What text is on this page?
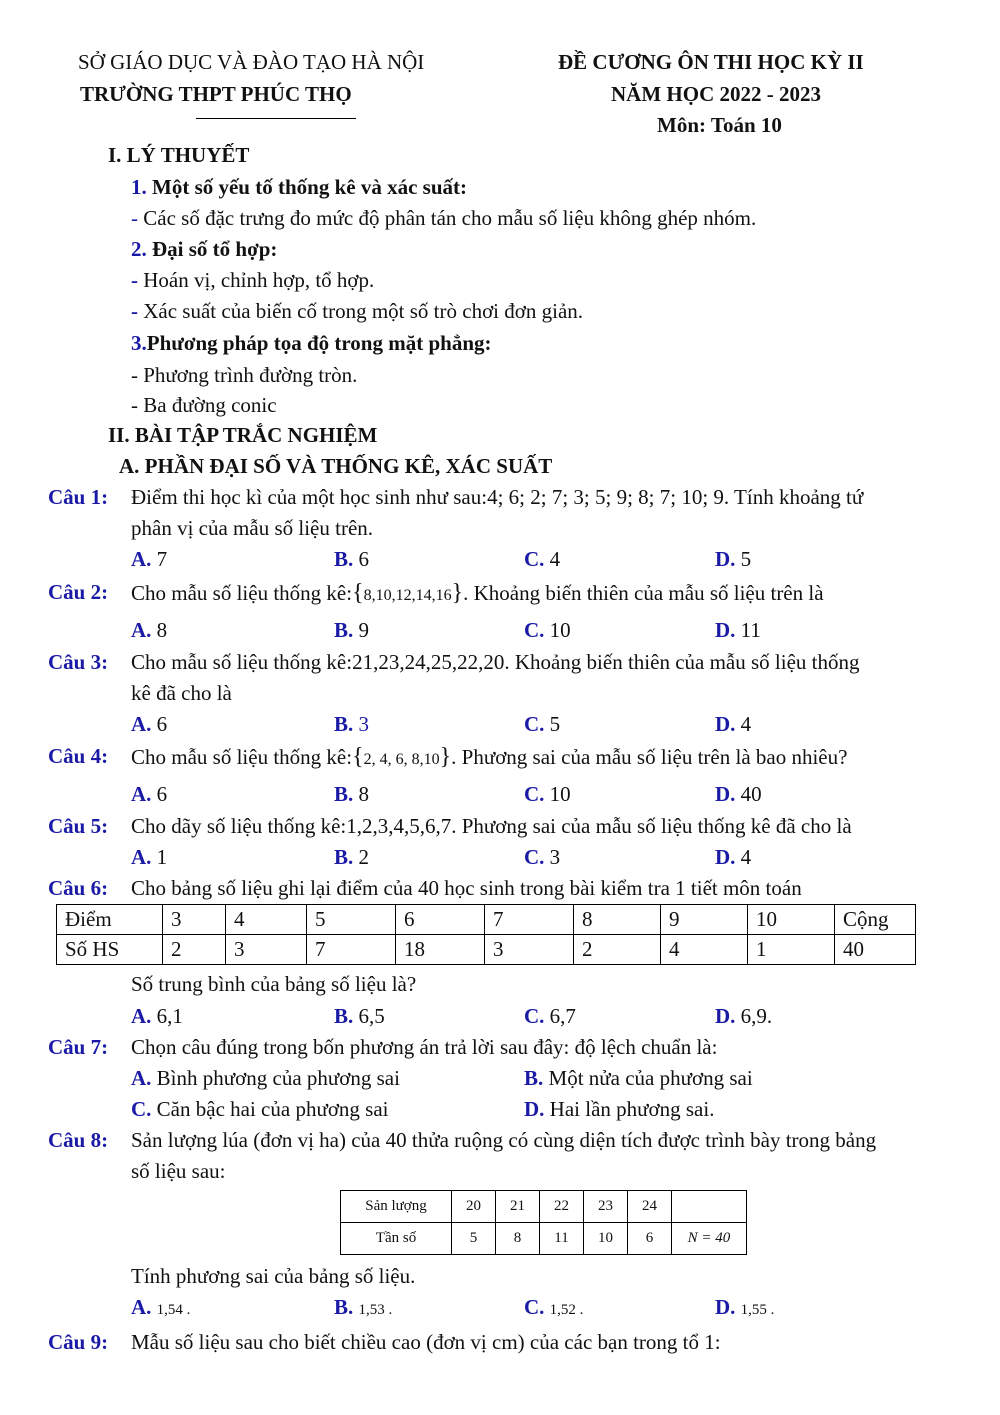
SỞ GIÁO DỤC VÀ ĐÀO TẠO HÀ NỘI
TRƯỜNG THPT PHÚC THỌ
ĐỀ CƯƠNG ÔN THI HỌC KỲ II
NĂM HỌC 2022 - 2023
Môn: Toán 10
I. LÝ THUYẾT
1. Một số yếu tố thống kê và xác suất:
- Các số đặc trưng đo mức độ phân tán cho mẫu số liệu không ghép nhóm.
2. Đại số tổ hợp:
- Hoán vị, chỉnh hợp, tổ hợp.
- Xác suất của biến cố trong một số trò chơi đơn giản.
3.Phương pháp tọa độ trong mặt phẳng:
- Phương trình đường tròn.
- Ba đường conic
II. BÀI TẬP TRẮC NGHIỆM
A. PHẦN ĐẠI SỐ VÀ THỐNG KÊ, XÁC SUẤT
Câu 1: Điểm thi học kì của một học sinh như sau:4; 6; 2; 7; 3; 5; 9; 8; 7; 10; 9. Tính khoảng tứ
phân vị của mẫu số liệu trên.
A. 7	B. 6	C. 4	D. 5
Câu 2: Cho mẫu số liệu thống kê:{8,10,12,14,16}. Khoảng biến thiên của mẫu số liệu trên là
A. 8	B. 9	C. 10	D. 11
Câu 3: Cho mẫu số liệu thống kê:21,23,24,25,22,20. Khoảng biến thiên của mẫu số liệu thống
kê đã cho là
A. 6	B. 3	C. 5	D. 4
Câu 4: Cho mẫu số liệu thống kê:{2, 4, 6, 8,10}. Phương sai của mẫu số liệu trên là bao nhiêu?
A. 6	B. 8	C. 10	D. 40
Câu 5: Cho dãy số liệu thống kê:1,2,3,4,5,6,7. Phương sai của mẫu số liệu thống kê đã cho là
A. 1	B. 2	C. 3	D. 4
Câu 6: Cho bảng số liệu ghi lại điểm của 40 học sinh trong bài kiểm tra 1 tiết môn toán
Điểm	3	4	5	6	7	8	9	10	Cộng
Số HS	2	3	7	18	3	2	4	1	40
Số trung bình của bảng số liệu là?
A. 6,1	B. 6,5	C. 6,7	D. 6,9.
Câu 7: Chọn câu đúng trong bốn phương án trả lời sau đây: độ lệch chuẩn là:
A. Bình phương của phương sai	B. Một nửa của phương sai
C. Căn bậc hai của phương sai	D. Hai lần phương sai.
Câu 8: Sản lượng lúa (đơn vị ha) của 40 thửa ruộng có cùng diện tích được trình bày trong bảng
số liệu sau:
Sản lượng	20	21	22	23	24	
Tần số	5	8	11	10	6	N = 40
Tính phương sai của bảng số liệu.
A. 1,54 .	B. 1,53 .	C. 1,52 .	D. 1,55 .
Câu 9: Mẫu số liệu sau cho biết chiều cao (đơn vị cm) của các bạn trong tổ 1:
